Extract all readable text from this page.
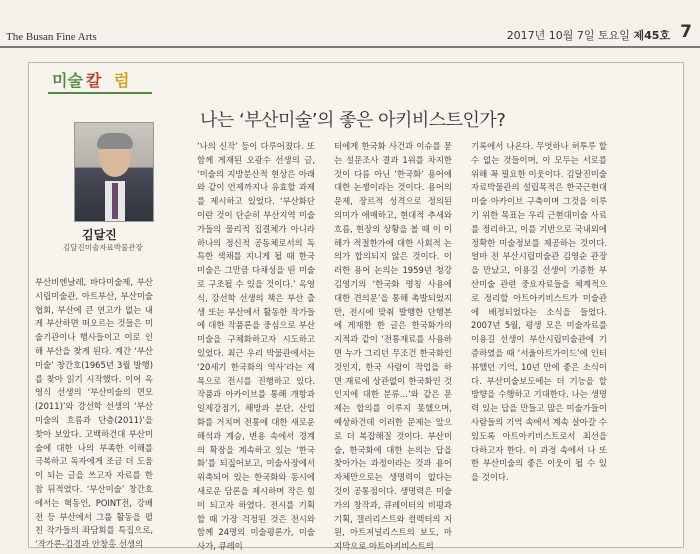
The Busan Fine Arts	2017년 10월 7일 토요일 제45호 7
미술 칼 럼
나는 ‘부산미술’의 좋은 아키비스트인가?
김달진
김달진미술자료박물관장

부산비엔날레, 바다미술제, 부산시립미술관, 아트부산, 부산미술협회, 부산에 큰 연고가 없는 내게 부산하면 떠오르는 것들은 미술기관이나 행사들이고 이로 인해 부산을 찾게 된다. 계간 ‘부산미술’ 창간호(1965년 3월 발행)를 찾아 읽기 시작했다. 이어 옥영식 선생의 ‘부산미술의 면모(2011)’와 강선학 선생의 ‘부산미술의 흐름과 단층(2011)’을 찾아 보았다. 고백하건대 부산미술에 대한 나의 부족한 이해를 극복하고 독자에게 조금 더 도움이 되는 글을 쓰고자 자료를 한참 뒤적였다. ‘부산미술’ 창간호에서는 혁동인, POINT전, 강배전 등 부산에서 그룹 활동을 펼친 작가들의 좌담회를 특집으로, ‘작가론-김경과 안창홍 선생의

‘나의 신작’ 등이 다루어졌다. 또 함께 게재된 오광수 선생의 글, ‘미술의 지방분산적 현상은 아래와 같이 언제까지나 유효할 과제를 제시하고 있었다. ‘부산화단이란 것이 단순히 부산지역 미술가들의 물리적 집결체가 아니라 하나의 정신적 공동체로서의 독특한 색채를 지니게 될 때 한국미술은 그만큼 다채성을 띤 미술로 구조될 수 있을 것이다.’ 옥영식, 강선학 선생의 책은 부산 출생 또는 부산에서 활동한 작가들에 대한 작품론을 중심으로 부산미술을 구체화하고자 시도하고 있었다. 최근 우리 박물관에서는 ‘20세기 한국화의 역사’라는 제목으로 전시를 진행하고 있다. 작품과 아카이브를 통해 개항과 일제강점기, 해방과 분단, 산업화를 거치며 전통에 대한 새로운 해석과 계승, 변용 속에서 경계의 확장을 계속하고 있는 ‘한국화’를 되짚어보고, 미술사장에서 위축되어 있는 한국화와 동시에 새로운 담론을 제시하며 작은 힘이 되고자 하였다. 전시를 기획할 때 가장 걱정된 것은 전시와 함께 24명의 미술평론가, 미술사가, 큐레이

터에게 한국화 사건과 이슈를 묻는 설문조사 결과 1위를 차지한 것이 다름 아닌 ‘한국화’ 용어에 대한 논쟁이라는 것이다. 용어의 문제, 장르적 성격으로 정의된 의미가 애매하고, 현대적 추세와 흐름, 현장의 상황을 볼 때 이 이해가 적절한가에 대한 사회적 논의가 합의되지 않은 것이다. 이러한 용어 논의는 1959년 청강 김영기의 ‘한국화 명칭 사용에 대한 견의문’을 통해 촉발되었지만, 전시에 맞춰 발행한 단행본에 게재한 한 글은 한국화가의 지적과 같이 ‘전통재료를 사용하면 누가 그리던 무조건 한국화인 것인지, 한국 사람이 작업을 하면 재료에 상관없이 한국화인 것인지에 대한 분류…’와 같은 문제는 합의를 이루지 못했으며, 예상하건데 이러한 문제는 앞으로 더 복잡해질 것이다. 부산미술, 한국화에 대한 논의는 답을 찾아가는 과정이라는 것과 용어 자체만으로는 생명력이 없다는 것이 공통점이다. 생명력은 미술가의 창작과, 큐레이터의 비평과 기획, 갤러리스트와 컬렉터의 지원, 아트저널리스트의 보도, 마지막으로 아트아키비스트의

기록에서 나온다. 무엇하나 허투루 할 수 없는 것들이며, 이 모두는 서로를 위해 꼭 필요한 이웃이다. 김달진미술자료박물관의 설립목적은 한국근현대미술 아카이브 구축이며 그것을 이루기 위한 목표는 우리 근현대미술 사료를 정리하고, 이를 기반으로 국내외에 정확한 미술정보를 제공하는 것이다. 얼마 전 부산시립미술관 김영순 관장을 만났고, 이용길 선생이 기증한 부산미술 관련 중요자료들을 체계적으로 정리할 아트아키비스트가 미술관에 배정되었다는 소식을 들었다. 2007년 5월, 평생 모은 미술자료를 이용길 선생이 부산시립미술관에 기증하였을 때 ‘서울아트가이드’에 인터뷰했던 기억, 10년 만에 좋은 소식이다. 부산미술보도에는 더 기능을 할 방향을 수행하고 기대한다. 나는 생명력 있는 답을 만들고 많은 미술가들이 사람들의 기억 속에서 계속 살아갈 수 있도록 아트아키비스트로서 최선을 다하고자 한다. 이 과정 속에서 나 또한 부산미술의 좋은 이웃이 될 수 있을 것이다.
